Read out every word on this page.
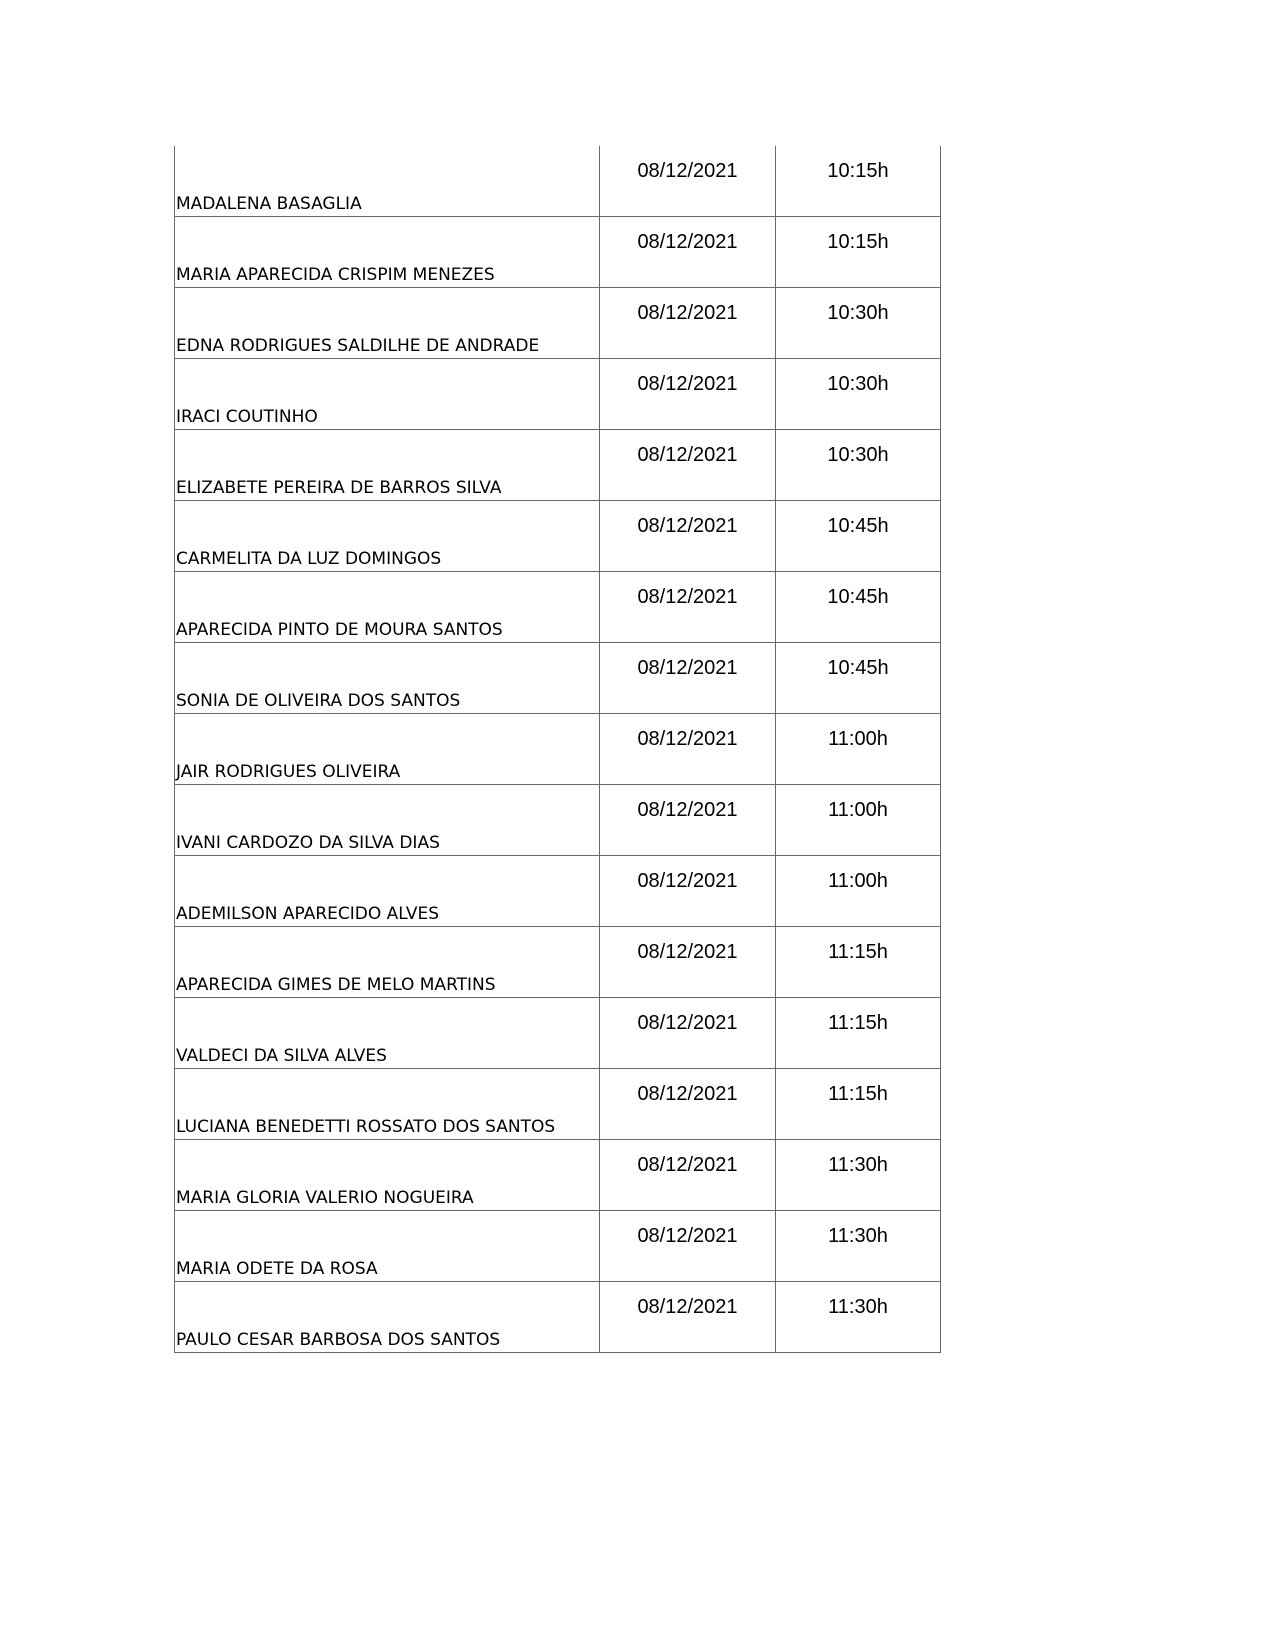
MADALENA BASAGLIA	08/12/2021	10:15h
MARIA APARECIDA CRISPIM MENEZES	08/12/2021	10:15h
EDNA RODRIGUES SALDILHE DE ANDRADE	08/12/2021	10:30h
IRACI COUTINHO	08/12/2021	10:30h
ELIZABETE PEREIRA DE BARROS SILVA	08/12/2021	10:30h
CARMELITA DA LUZ DOMINGOS	08/12/2021	10:45h
APARECIDA PINTO DE MOURA SANTOS	08/12/2021	10:45h
SONIA DE OLIVEIRA DOS SANTOS	08/12/2021	10:45h
JAIR RODRIGUES OLIVEIRA	08/12/2021	11:00h
IVANI CARDOZO DA SILVA DIAS	08/12/2021	11:00h
ADEMILSON APARECIDO ALVES	08/12/2021	11:00h
APARECIDA GIMES DE MELO MARTINS	08/12/2021	11:15h
VALDECI DA SILVA ALVES	08/12/2021	11:15h
LUCIANA BENEDETTI ROSSATO DOS SANTOS	08/12/2021	11:15h
MARIA GLORIA VALERIO NOGUEIRA	08/12/2021	11:30h
MARIA ODETE DA ROSA	08/12/2021	11:30h
PAULO CESAR BARBOSA DOS SANTOS	08/12/2021	11:30h
